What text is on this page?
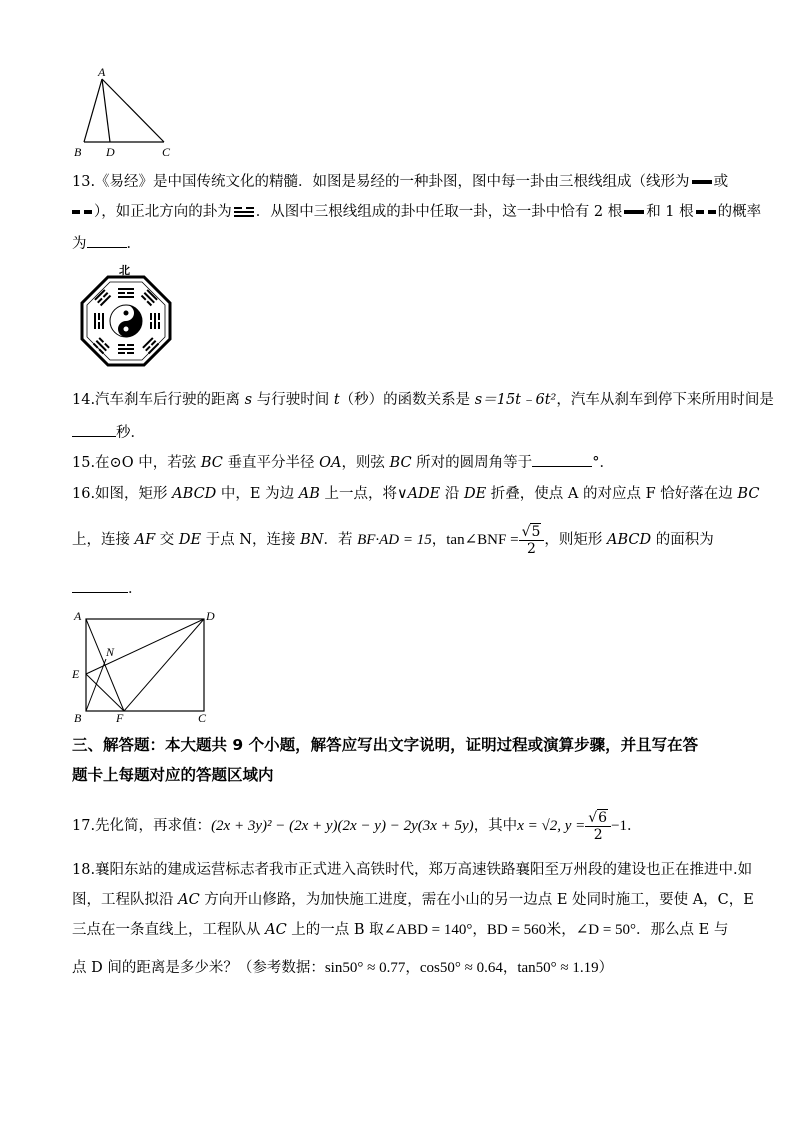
A
B D	C
13.《易经》是中国传统文化的精髓．如图是易经的一种卦图，图中每一卦由三根线组成（线形为 或
），如正北方向的卦为 ．从图中三根线组成的卦中任取一卦，这一卦中恰有 2 根 和 1 根 的概率
为	．
北
14.汽车刹车后行驶的距离 s 与行驶时间 t（秒）的函数关系是 s＝15t﹣6t²，汽车从刹车到停下来所用时间是
秒．
15.在⊙O 中，若弦 BC 垂直平分半径 OA，则弦 BC 所对的圆周角等于	°．
16.如图，矩形 ABCD 中，E 为边 AB 上一点，将∨ADE 沿 DE 折叠，使点 A 的对应点 F 恰好落在边 BC
上，连接 AF 交 DE 于点 N，连接 BN．若 BF·AD = 15，tan∠BNF = $\frac{√5}{2}$ ，则矩形 ABCD 的面积为
．
A	D
N
E
B	F	C
三、解答题：本大题共 9 个小题，解答应写出文字说明，证明过程或演算步骤，并且写在答
题卡上每题对应的答题区域内
17.先化简，再求值：(2x + 3y)² − (2x + y)(2x − y) − 2y(3x + 5y)，其中x = √2, $y = \frac{√6}{2} -1$．
18.襄阳东站的建成运营标志者我市正式进入高铁时代，郑万高速铁路襄阳至万州段的建设也正在推进中.如
图，工程队拟沿 AC 方向开山修路，为加快施工进度，需在小山的另一边点 E 处同时施工，要使 A，C，E
三点在一条直线上，工程队从 AC 上的一点 B 取∠ABD = 140°，BD = 560米，∠D = 50°．那么点 E 与
点 D 间的距离是多少米？（参考数据：sin50° ≈ 0.77，cos50° ≈ 0.64，tan50° ≈ 1.19）
